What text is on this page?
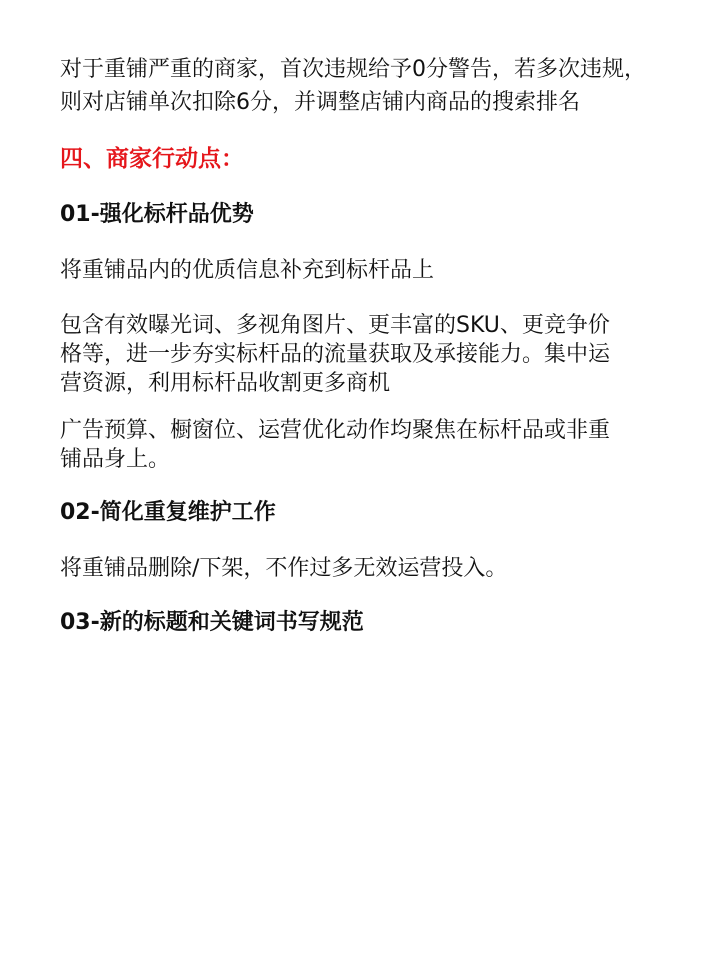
对于重铺严重的商家，首次违规给予0分警告，若多次违规，
则对店铺单次扣除6分，并调整店铺内商品的搜索排名

四、商家行动点：
01-强化标杆品优势

将重铺品内的优质信息补充到标杆品上

包含有效曝光词、多视角图片、更丰富的SKU、更竞争价
格等，进一步夯实标杆品的流量获取及承接能力。集中运
营资源，利用标杆品收割更多商机

广告预算、橱窗位、运营优化动作均聚焦在标杆品或非重
铺品身上。

02-简化重复维护工作

将重铺品删除/下架，不作过多无效运营投入。

03-新的标题和关键词书写规范
